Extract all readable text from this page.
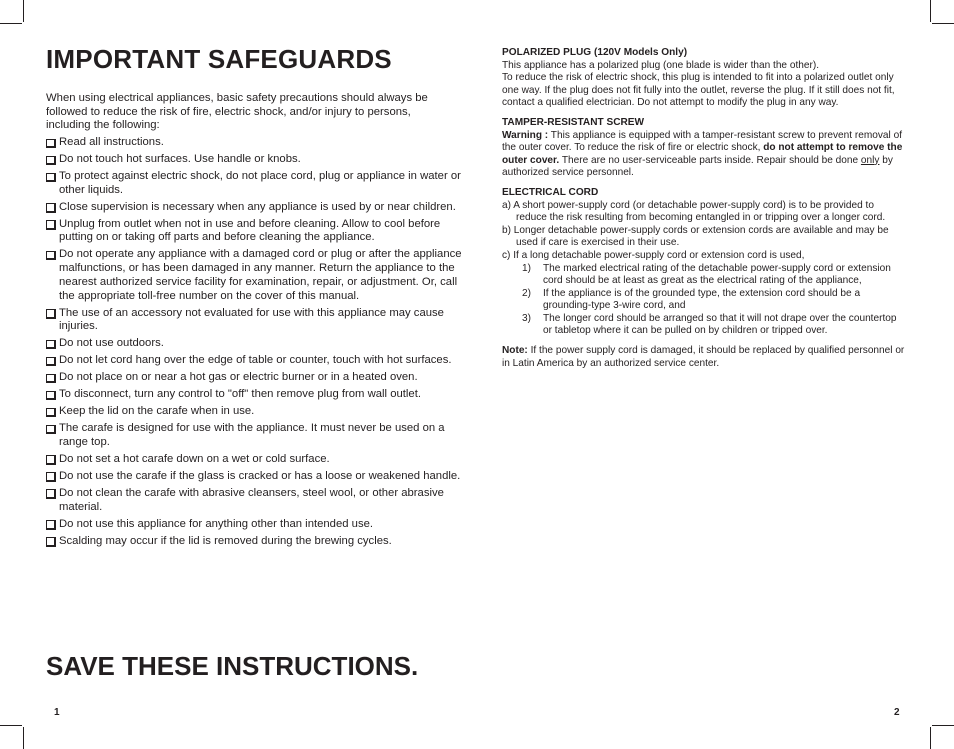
IMPORTANT SAFEGUARDS

When using electrical appliances, basic safety precautions should always be followed to reduce the risk of fire, electric shock, and/or injury to persons, including the following:

Read all instructions.
Do not touch hot surfaces. Use handle or knobs.
To protect against electric shock, do not place cord, plug or appliance in water or other liquids.
Close supervision is necessary when any appliance is used by or near children.
Unplug from outlet when not in use and before cleaning. Allow to cool before putting on or taking off parts and before cleaning the appliance.
Do not operate any appliance with a damaged cord or plug or after the appliance malfunctions, or has been damaged in any manner. Return the appliance to the nearest authorized service facility for examination, repair, or adjustment. Or, call the appropriate toll-free number on the cover of this manual.
The use of an accessory not evaluated for use with this appliance may cause injuries.
Do not use outdoors.
Do not let cord hang over the edge of table or counter, touch with hot surfaces.
Do not place on or near a hot gas or electric burner or in a heated oven.
To disconnect, turn any control to "off" then remove plug from wall outlet.
Keep the lid on the carafe when in use.
The carafe is designed for use with the appliance. It must never be used on a range top.
Do not set a hot carafe down on a wet or cold surface.
Do not use the carafe if the glass is cracked or has a loose or weakened handle.
Do not clean the carafe with abrasive cleansers, steel wool, or other abrasive material.
Do not use this appliance for anything other than intended use.
Scalding may occur if the lid is removed during the brewing cycles.
SAVE THESE INSTRUCTIONS.
1

POLARIZED PLUG (120V Models Only)

This appliance has a polarized plug (one blade is wider than the other).

To reduce the risk of electric shock, this plug is intended to fit into a polarized outlet only one way. If the plug does not fit fully into the outlet, reverse the plug. If it still does not fit, contact a qualified electrician. Do not attempt to modify the plug in any way.

TAMPER-RESISTANT SCREW

Warning : This appliance is equipped with a tamper-resistant screw to prevent removal of the outer cover. To reduce the risk of fire or electric shock, do not attempt to remove the outer cover. There are no user-serviceable parts inside. Repair should be done only by authorized service personnel.

ELECTRICAL CORD

a) A short power-supply cord (or detachable power-supply cord) is to be provided to reduce the risk resulting from becoming entangled in or tripping over a longer cord.

b) Longer detachable power-supply cords or extension cords are available and may be used if care is exercised in their use.

c) If a long detachable power-supply cord or extension cord is used,

1) The marked electrical rating of the detachable power-supply cord or extension cord should be at least as great as the electrical rating of the appliance,
2) If the appliance is of the grounded type, the extension cord should be a grounding-type 3-wire cord, and
3) The longer cord should be arranged so that it will not drape over the countertop or tabletop where it can be pulled on by children or tripped over.

Note: If the power supply cord is damaged, it should be replaced by qualified personnel or in Latin America by an authorized service center.

2
